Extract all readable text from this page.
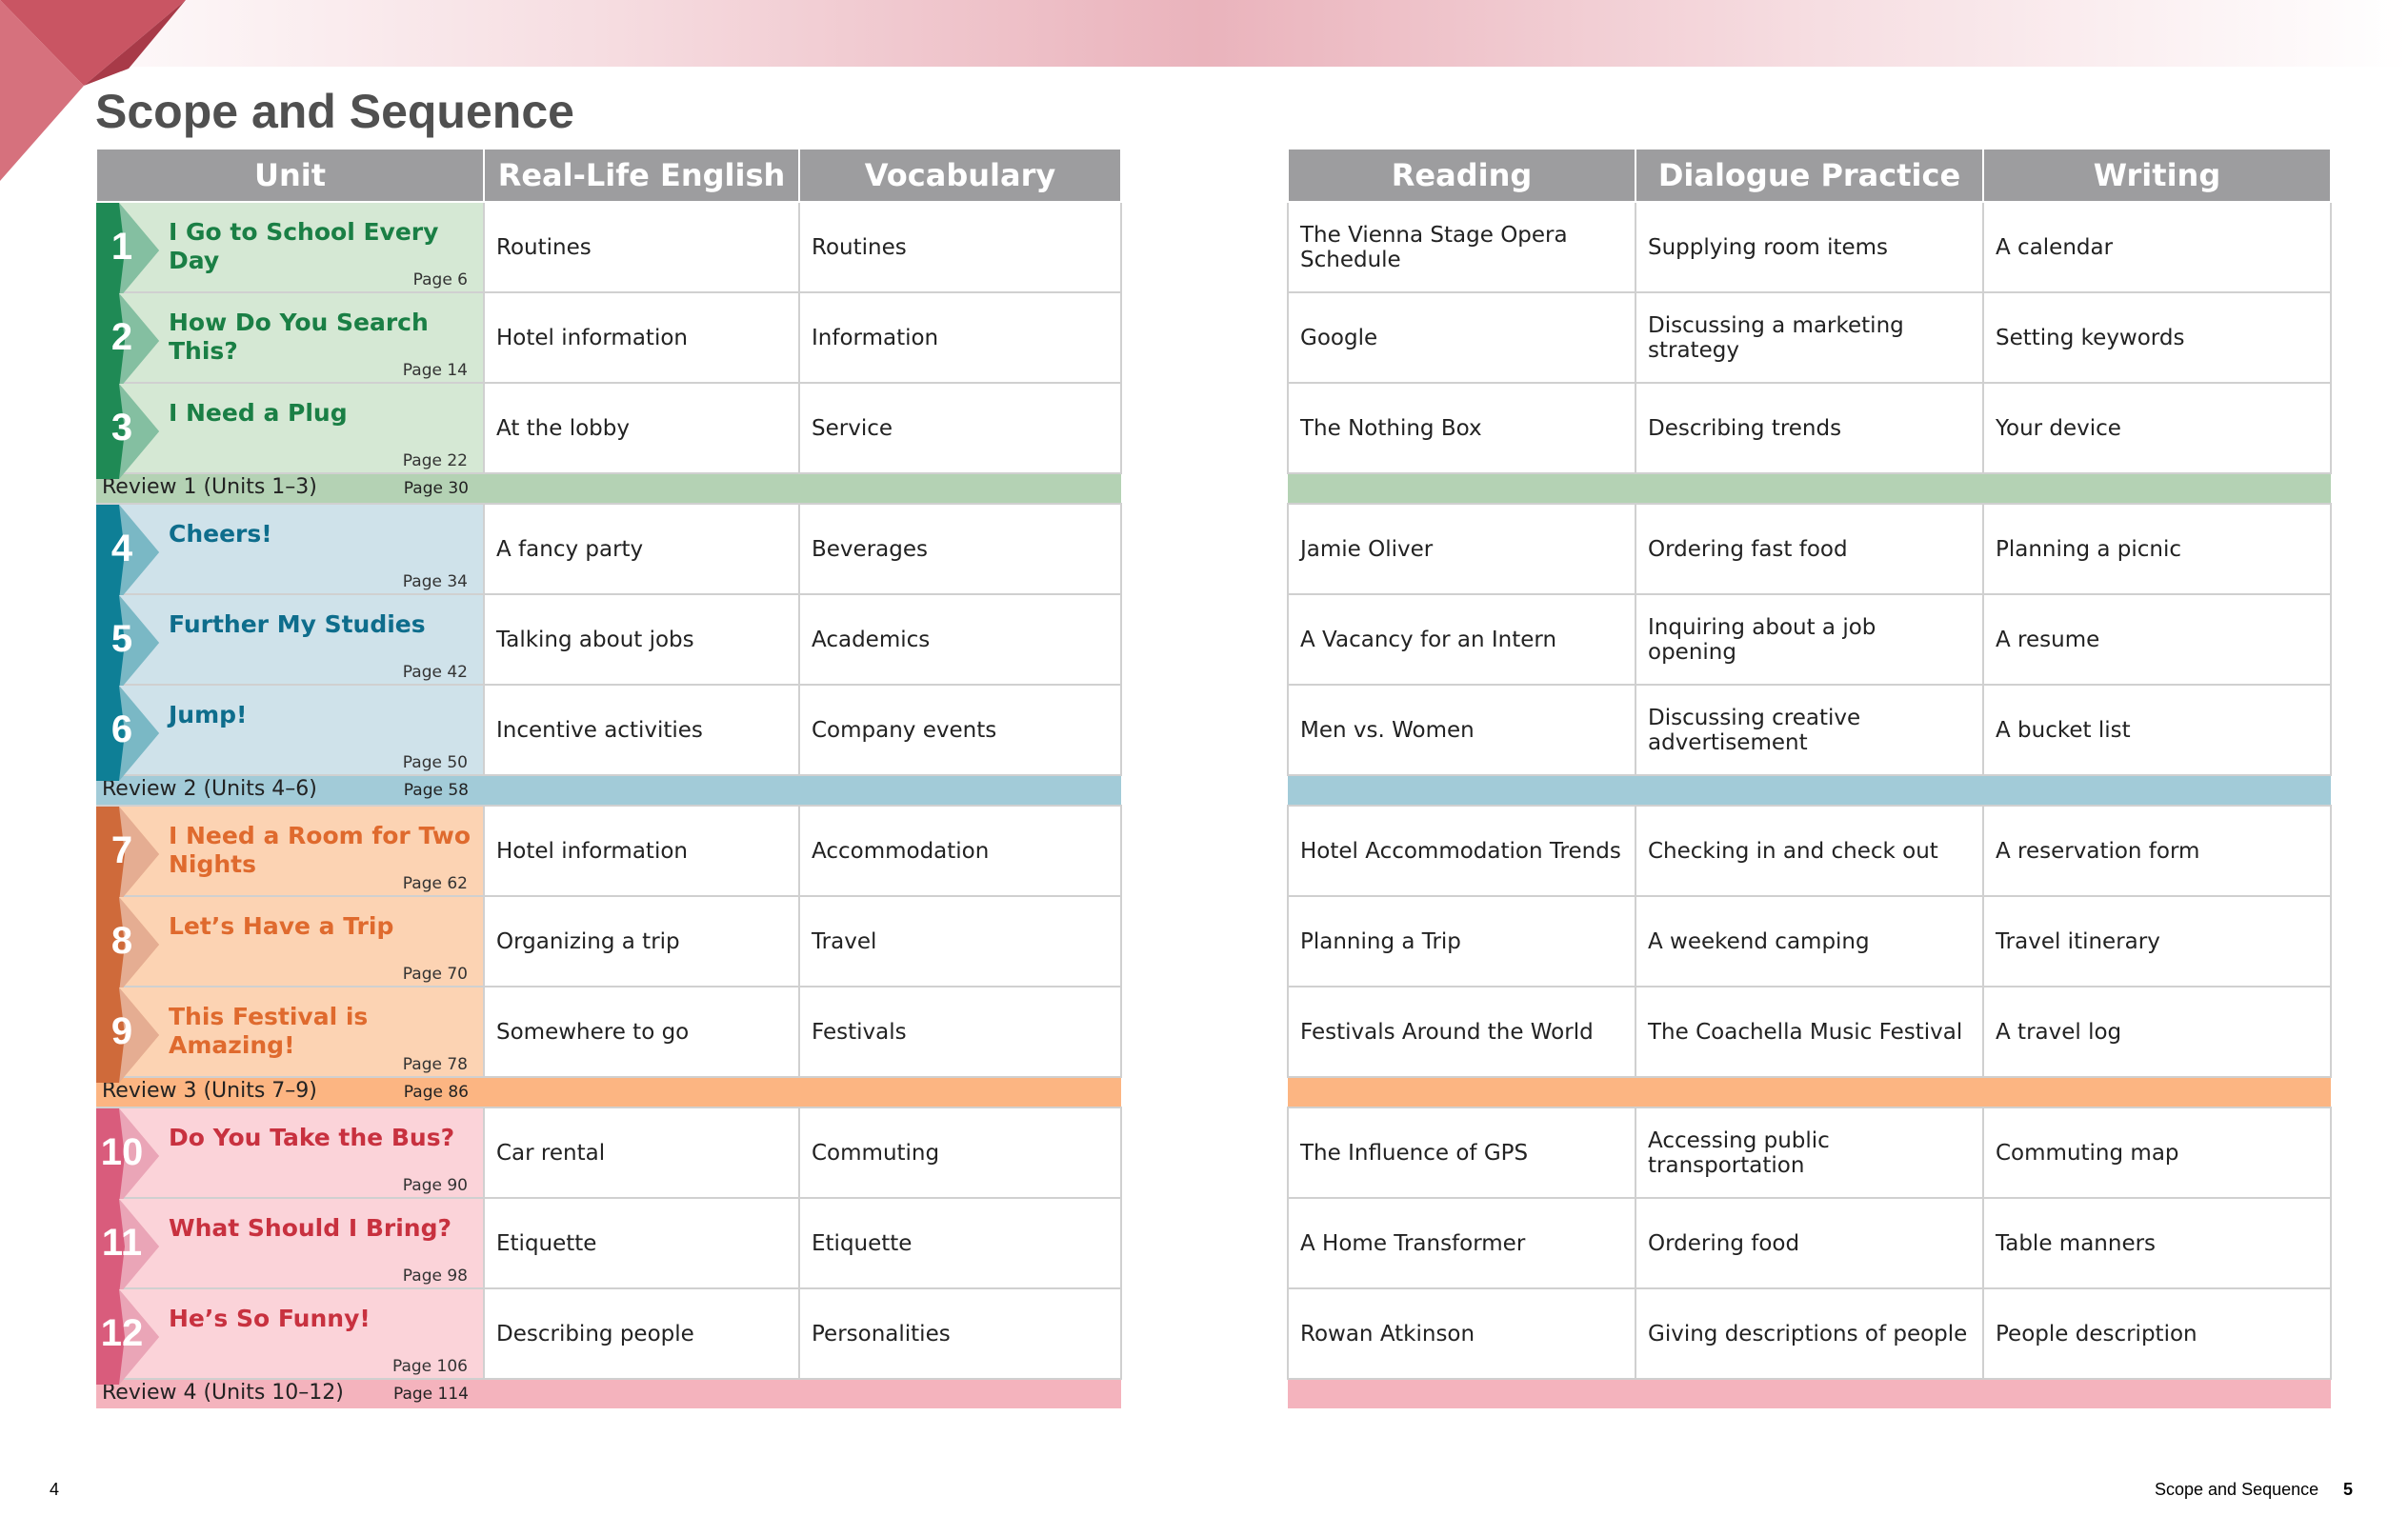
Scope and Sequence
Unit	Real-Life English	Vocabulary

1 I Go to School Every Day
Page 6	Routines	Routines

2 How Do You Search This?
Page 14	Hotel information	Information

3 I Need a Plug
Page 22	At the lobby	Service
Review 1 (Units 1–3) Page 30		

4 Cheers!
Page 34	A fancy party	Beverages

5 Further My Studies
Page 42	Talking about jobs	Academics

6 Jump!
Page 50	Incentive activities	Company events
Review 2 (Units 4–6) Page 58		

7 I Need a Room for Two Nights
Page 62	Hotel information	Accommodation

8 Let’s Have a Trip
Page 70	Organizing a trip	Travel

9 This Festival is Amazing!
Page 78	Somewhere to go	Festivals
Review 3 (Units 7–9) Page 86		

10 Do You Take the Bus?
Page 90	Car rental	Commuting

11 What Should I Bring?
Page 98	Etiquette	Etiquette

12 He’s So Funny!
Page 106	Describing people	Personalities
Review 4 (Units 10–12) Page 114		

Reading	Dialogue Practice	Writing
The Vienna Stage Opera Schedule	Supplying room items	A calendar
Google	Discussing a marketing strategy	Setting keywords
The Nothing Box	Describing trends	Your device

Jamie Oliver	Ordering fast food	Planning a picnic
A Vacancy for an Intern	Inquiring about a job opening	A resume
Men vs. Women	Discussing creative advertisement	A bucket list

Hotel Accommodation Trends	Checking in and check out	A reservation form
Planning a Trip	A weekend camping	Travel itinerary
Festivals Around the World	The Coachella Music Festival	A travel log

The Influence of GPS	Accessing public transportation	Commuting map
A Home Transformer	Ordering food	Table manners
Rowan Atkinson	Giving descriptions of people	People description

4	Scope and Sequence 5
